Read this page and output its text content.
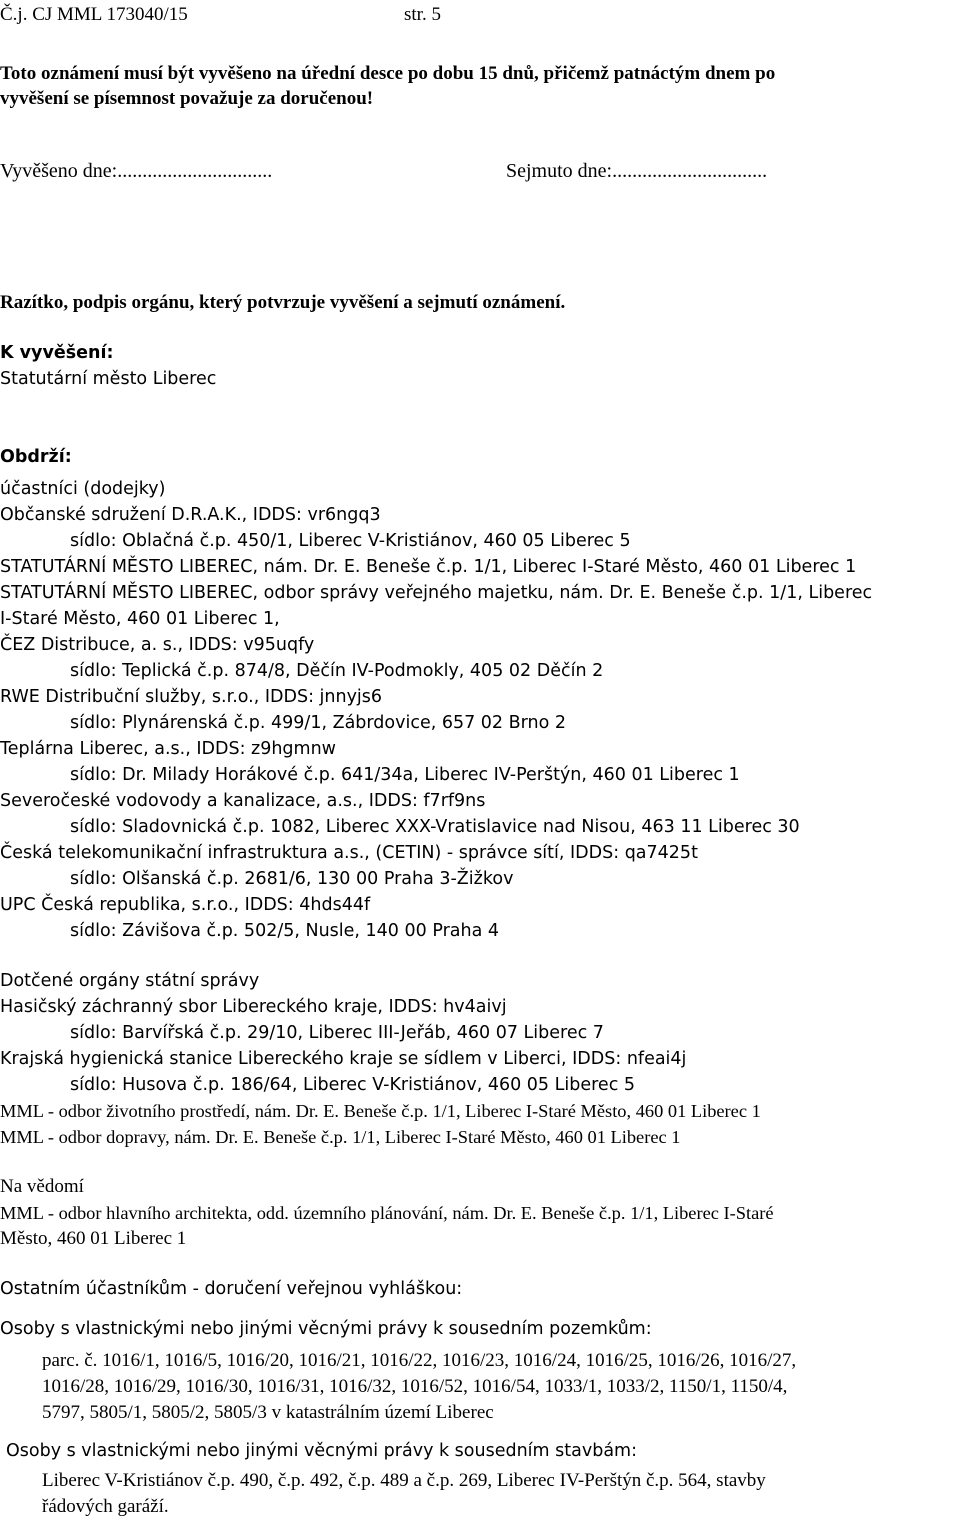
Č.j. CJ MML 173040/15	str. 5
Toto oznámení musí být vyvěšeno na úřední desce po dobu 15 dnů, přičemž patnáctým dnem po
vyvěšení se písemnost považuje za doručenou!
Vyvěšeno dne:...............................	Sejmuto dne:...............................
Razítko, podpis orgánu, který potvrzuje vyvěšení a sejmutí oznámení.
K vyvěšení:
Statutární město Liberec
Obdrží:
účastníci (dodejky)
Občanské sdružení D.R.A.K., IDDS: vr6ngq3
sídlo: Oblačná č.p. 450/1, Liberec V-Kristiánov, 460 05 Liberec 5
STATUTÁRNÍ MĚSTO LIBEREC, nám. Dr. E. Beneše č.p. 1/1, Liberec I-Staré Město, 460 01 Liberec 1
STATUTÁRNÍ MĚSTO LIBEREC, odbor správy veřejného majetku, nám. Dr. E. Beneše č.p. 1/1, Liberec
I-Staré Město, 460 01 Liberec 1,
ČEZ Distribuce, a. s., IDDS: v95uqfy
sídlo: Teplická č.p. 874/8, Děčín IV-Podmokly, 405 02 Děčín 2
RWE Distribuční služby, s.r.o., IDDS: jnnyjs6
sídlo: Plynárenská č.p. 499/1, Zábrdovice, 657 02 Brno 2
Teplárna Liberec, a.s., IDDS: z9hgmnw
sídlo: Dr. Milady Horákové č.p. 641/34a, Liberec IV-Perštýn, 460 01 Liberec 1
Severočeské vodovody a kanalizace, a.s., IDDS: f7rf9ns
sídlo: Sladovnická č.p. 1082, Liberec XXX-Vratislavice nad Nisou, 463 11 Liberec 30
Česká telekomunikační infrastruktura a.s., (CETIN) - správce sítí, IDDS: qa7425t
sídlo: Olšanská č.p. 2681/6, 130 00 Praha 3-Žižkov
UPC Česká republika, s.r.o., IDDS: 4hds44f
sídlo: Závišova č.p. 502/5, Nusle, 140 00 Praha 4
Dotčené orgány státní správy
Hasičský záchranný sbor Libereckého kraje, IDDS: hv4aivj
sídlo: Barvířská č.p. 29/10, Liberec III-Jeřáb, 460 07 Liberec 7
Krajská hygienická stanice Libereckého kraje se sídlem v Liberci, IDDS: nfeai4j
sídlo: Husova č.p. 186/64, Liberec V-Kristiánov, 460 05 Liberec 5
MML - odbor životního prostředí, nám. Dr. E. Beneše č.p. 1/1, Liberec I-Staré Město, 460 01 Liberec 1
MML - odbor dopravy, nám. Dr. E. Beneše č.p. 1/1, Liberec I-Staré Město, 460 01 Liberec 1
Na vědomí
MML - odbor hlavního architekta, odd. územního plánování, nám. Dr. E. Beneše č.p. 1/1, Liberec I-Staré
Město, 460 01 Liberec 1
Ostatním účastníkům - doručení veřejnou vyhláškou:
Osoby s vlastnickými nebo jinými věcnými právy k sousedním pozemkům:
parc. č. 1016/1, 1016/5, 1016/20, 1016/21, 1016/22, 1016/23, 1016/24, 1016/25, 1016/26, 1016/27,
1016/28, 1016/29, 1016/30, 1016/31, 1016/32, 1016/52, 1016/54, 1033/1, 1033/2, 1150/1, 1150/4,
5797, 5805/1, 5805/2, 5805/3 v katastrálním území Liberec
Osoby s vlastnickými nebo jinými věcnými právy k sousedním stavbám:
Liberec V-Kristiánov č.p. 490, č.p. 492, č.p. 489 a č.p. 269, Liberec IV-Perštýn č.p. 564, stavby
řádových garáží.
